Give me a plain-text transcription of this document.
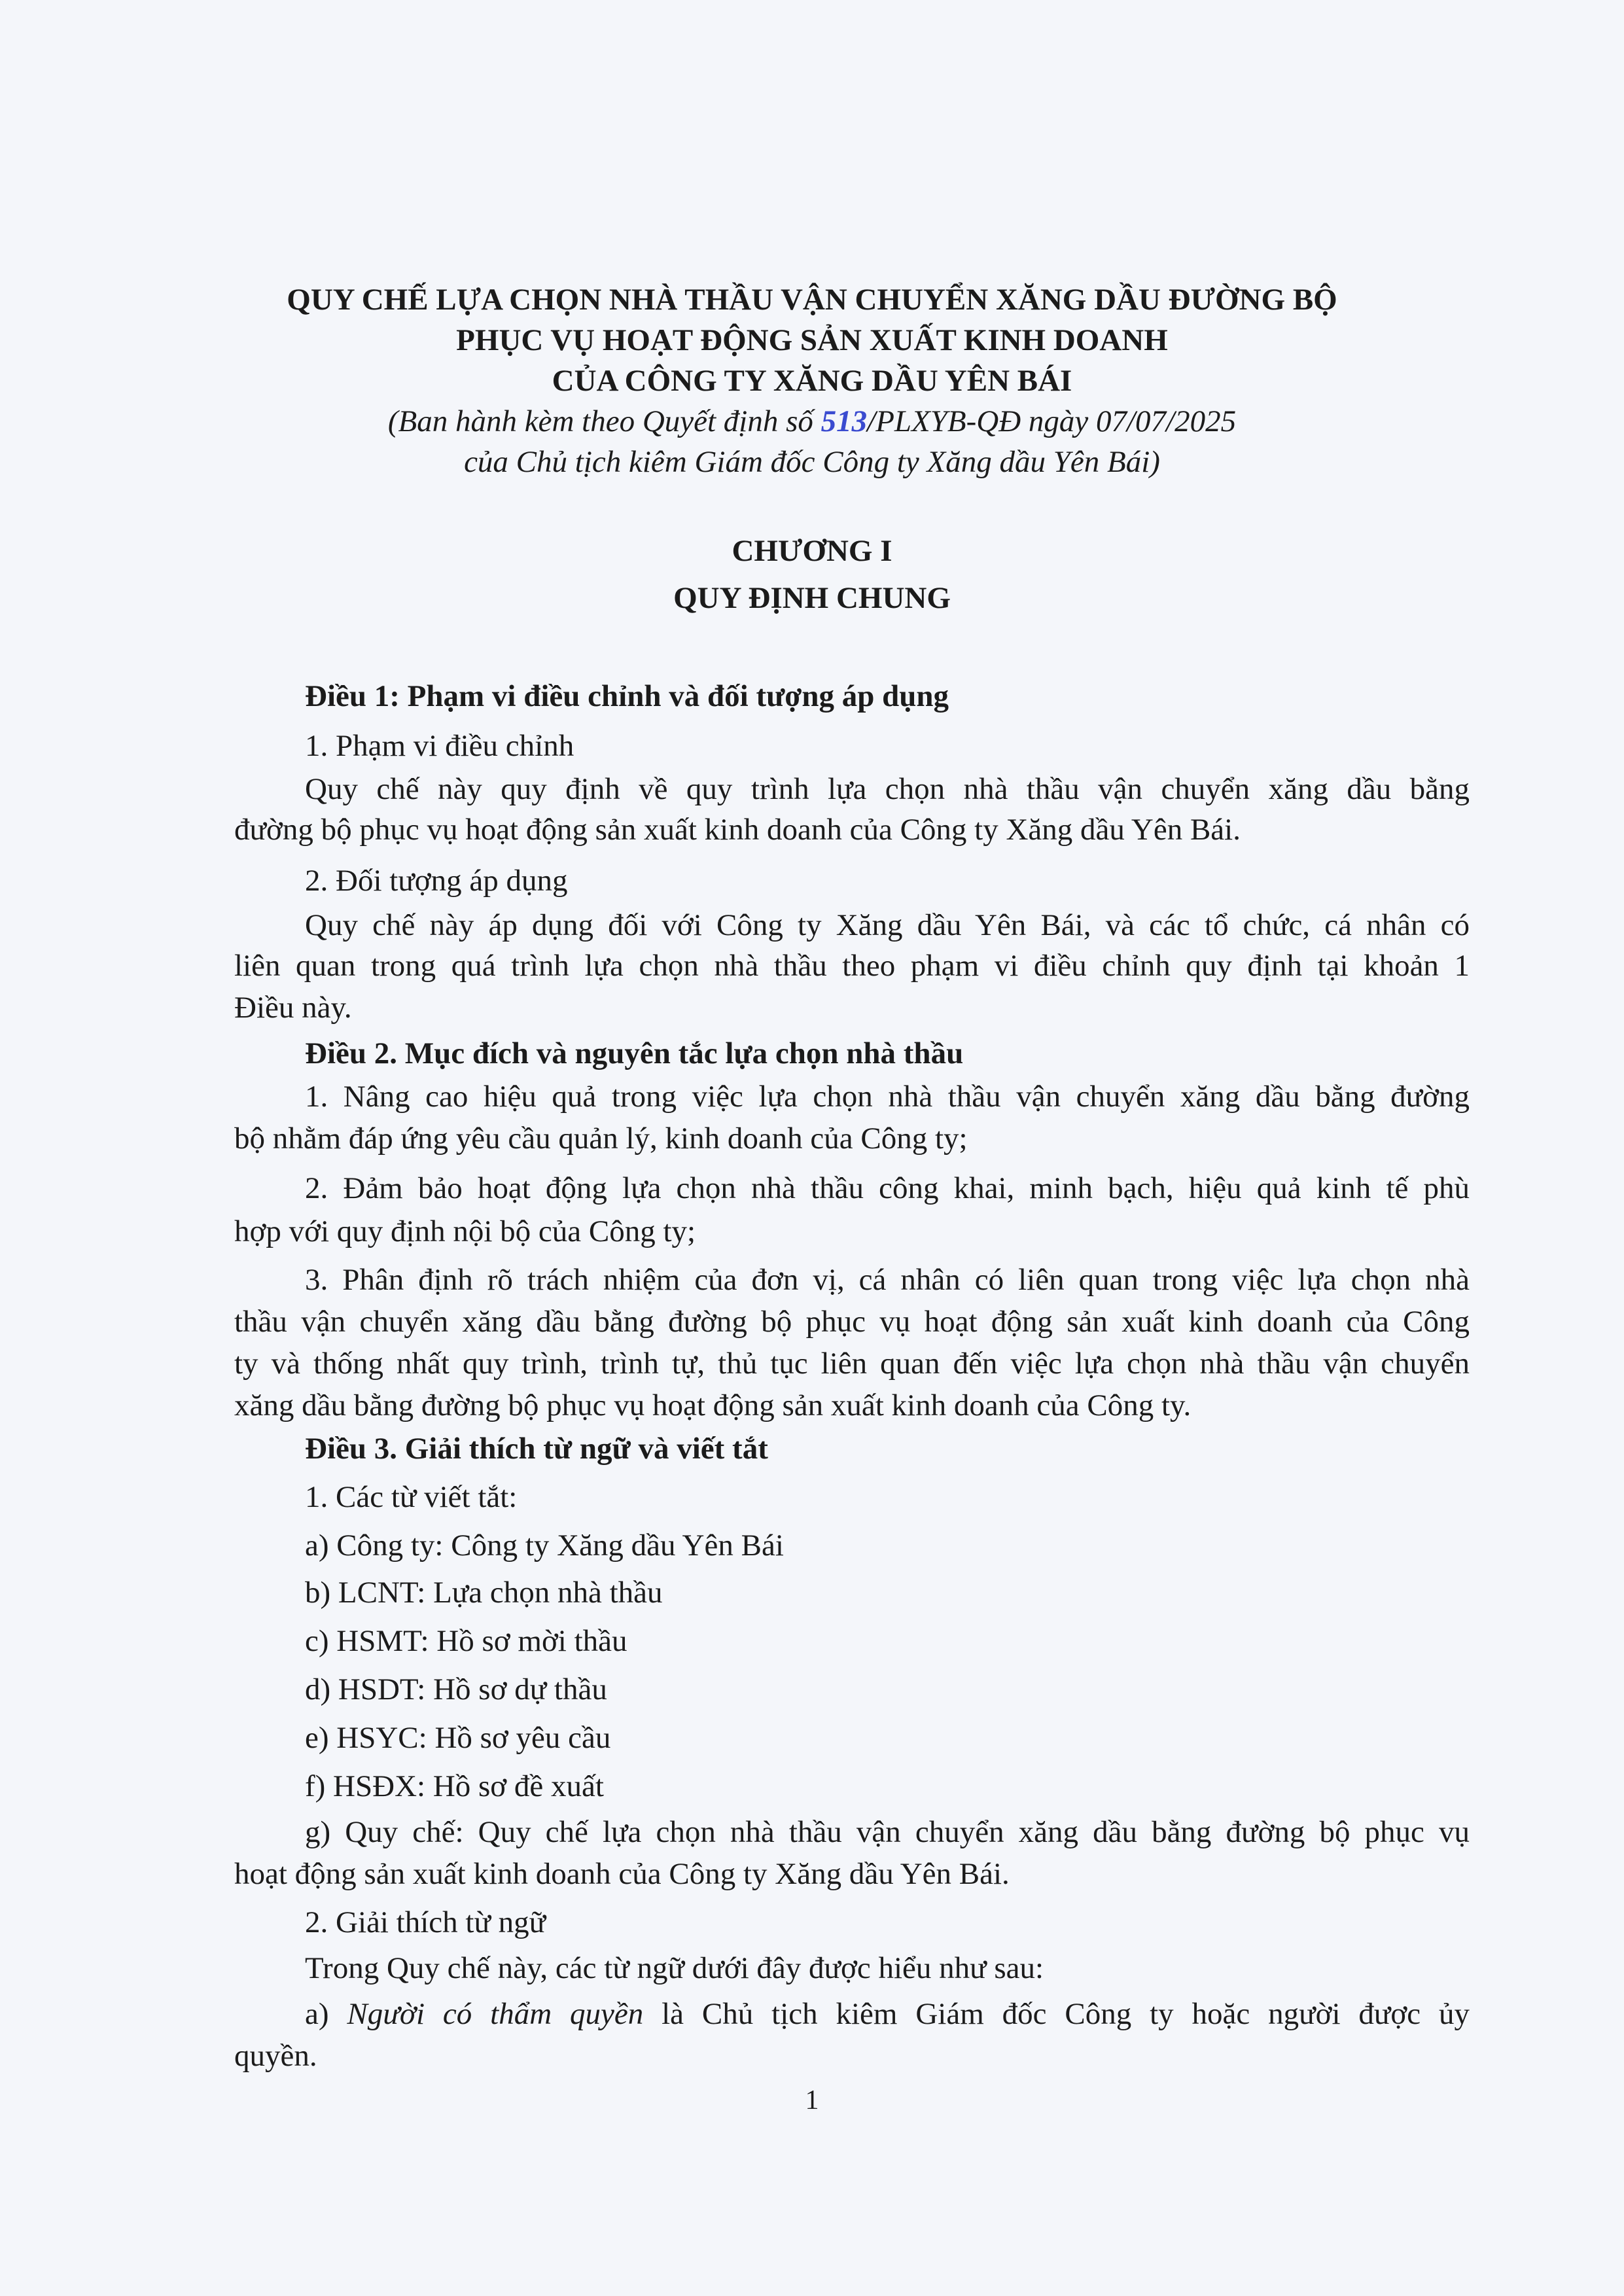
QUY CHẾ LỰA CHỌN NHÀ THẦU VẬN CHUYỂN XĂNG DẦU ĐƯỜNG BỘ
PHỤC VỤ HOẠT ĐỘNG SẢN XUẤT KINH DOANH
CỦA CÔNG TY XĂNG DẦU YÊN BÁI
(Ban hành kèm theo Quyết định số 513/PLXYB-QĐ ngày 07/07/2025
của Chủ tịch kiêm Giám đốc Công ty Xăng dầu Yên Bái)
CHƯƠNG I
QUY ĐỊNH CHUNG
Điều 1: Phạm vi điều chỉnh và đối tượng áp dụng
1. Phạm vi điều chỉnh
Quy chế này quy định về quy trình lựa chọn nhà thầu vận chuyển xăng dầu bằng
đường bộ phục vụ hoạt động sản xuất kinh doanh của Công ty Xăng dầu Yên Bái.
2. Đối tượng áp dụng
Quy chế này áp dụng đối với Công ty Xăng dầu Yên Bái, và các tổ chức, cá nhân có
liên quan trong quá trình lựa chọn nhà thầu theo phạm vi điều chỉnh quy định tại khoản 1
Điều này.
Điều 2. Mục đích và nguyên tắc lựa chọn nhà thầu
1. Nâng cao hiệu quả trong việc lựa chọn nhà thầu vận chuyển xăng dầu bằng đường
bộ nhằm đáp ứng yêu cầu quản lý, kinh doanh của Công ty;
2. Đảm bảo hoạt động lựa chọn nhà thầu công khai, minh bạch, hiệu quả kinh tế phù
hợp với quy định nội bộ của Công ty;
3. Phân định rõ trách nhiệm của đơn vị, cá nhân có liên quan trong việc lựa chọn nhà
thầu vận chuyển xăng dầu bằng đường bộ phục vụ hoạt động sản xuất kinh doanh của Công
ty và thống nhất quy trình, trình tự, thủ tục liên quan đến việc lựa chọn nhà thầu vận chuyển
xăng dầu bằng đường bộ phục vụ hoạt động sản xuất kinh doanh của Công ty.
Điều 3. Giải thích từ ngữ và viết tắt
1. Các từ viết tắt:
a) Công ty: Công ty Xăng dầu Yên Bái
b) LCNT: Lựa chọn nhà thầu
c) HSMT: Hồ sơ mời thầu
d) HSDT: Hồ sơ dự thầu
e) HSYC: Hồ sơ yêu cầu
f) HSĐX: Hồ sơ đề xuất
g) Quy chế: Quy chế lựa chọn nhà thầu vận chuyển xăng dầu bằng đường bộ phục vụ
hoạt động sản xuất kinh doanh của Công ty Xăng dầu Yên Bái.
2. Giải thích từ ngữ
Trong Quy chế này, các từ ngữ dưới đây được hiểu như sau:
a) Người có thẩm quyền là Chủ tịch kiêm Giám đốc Công ty hoặc người được ủy
quyền.
1
